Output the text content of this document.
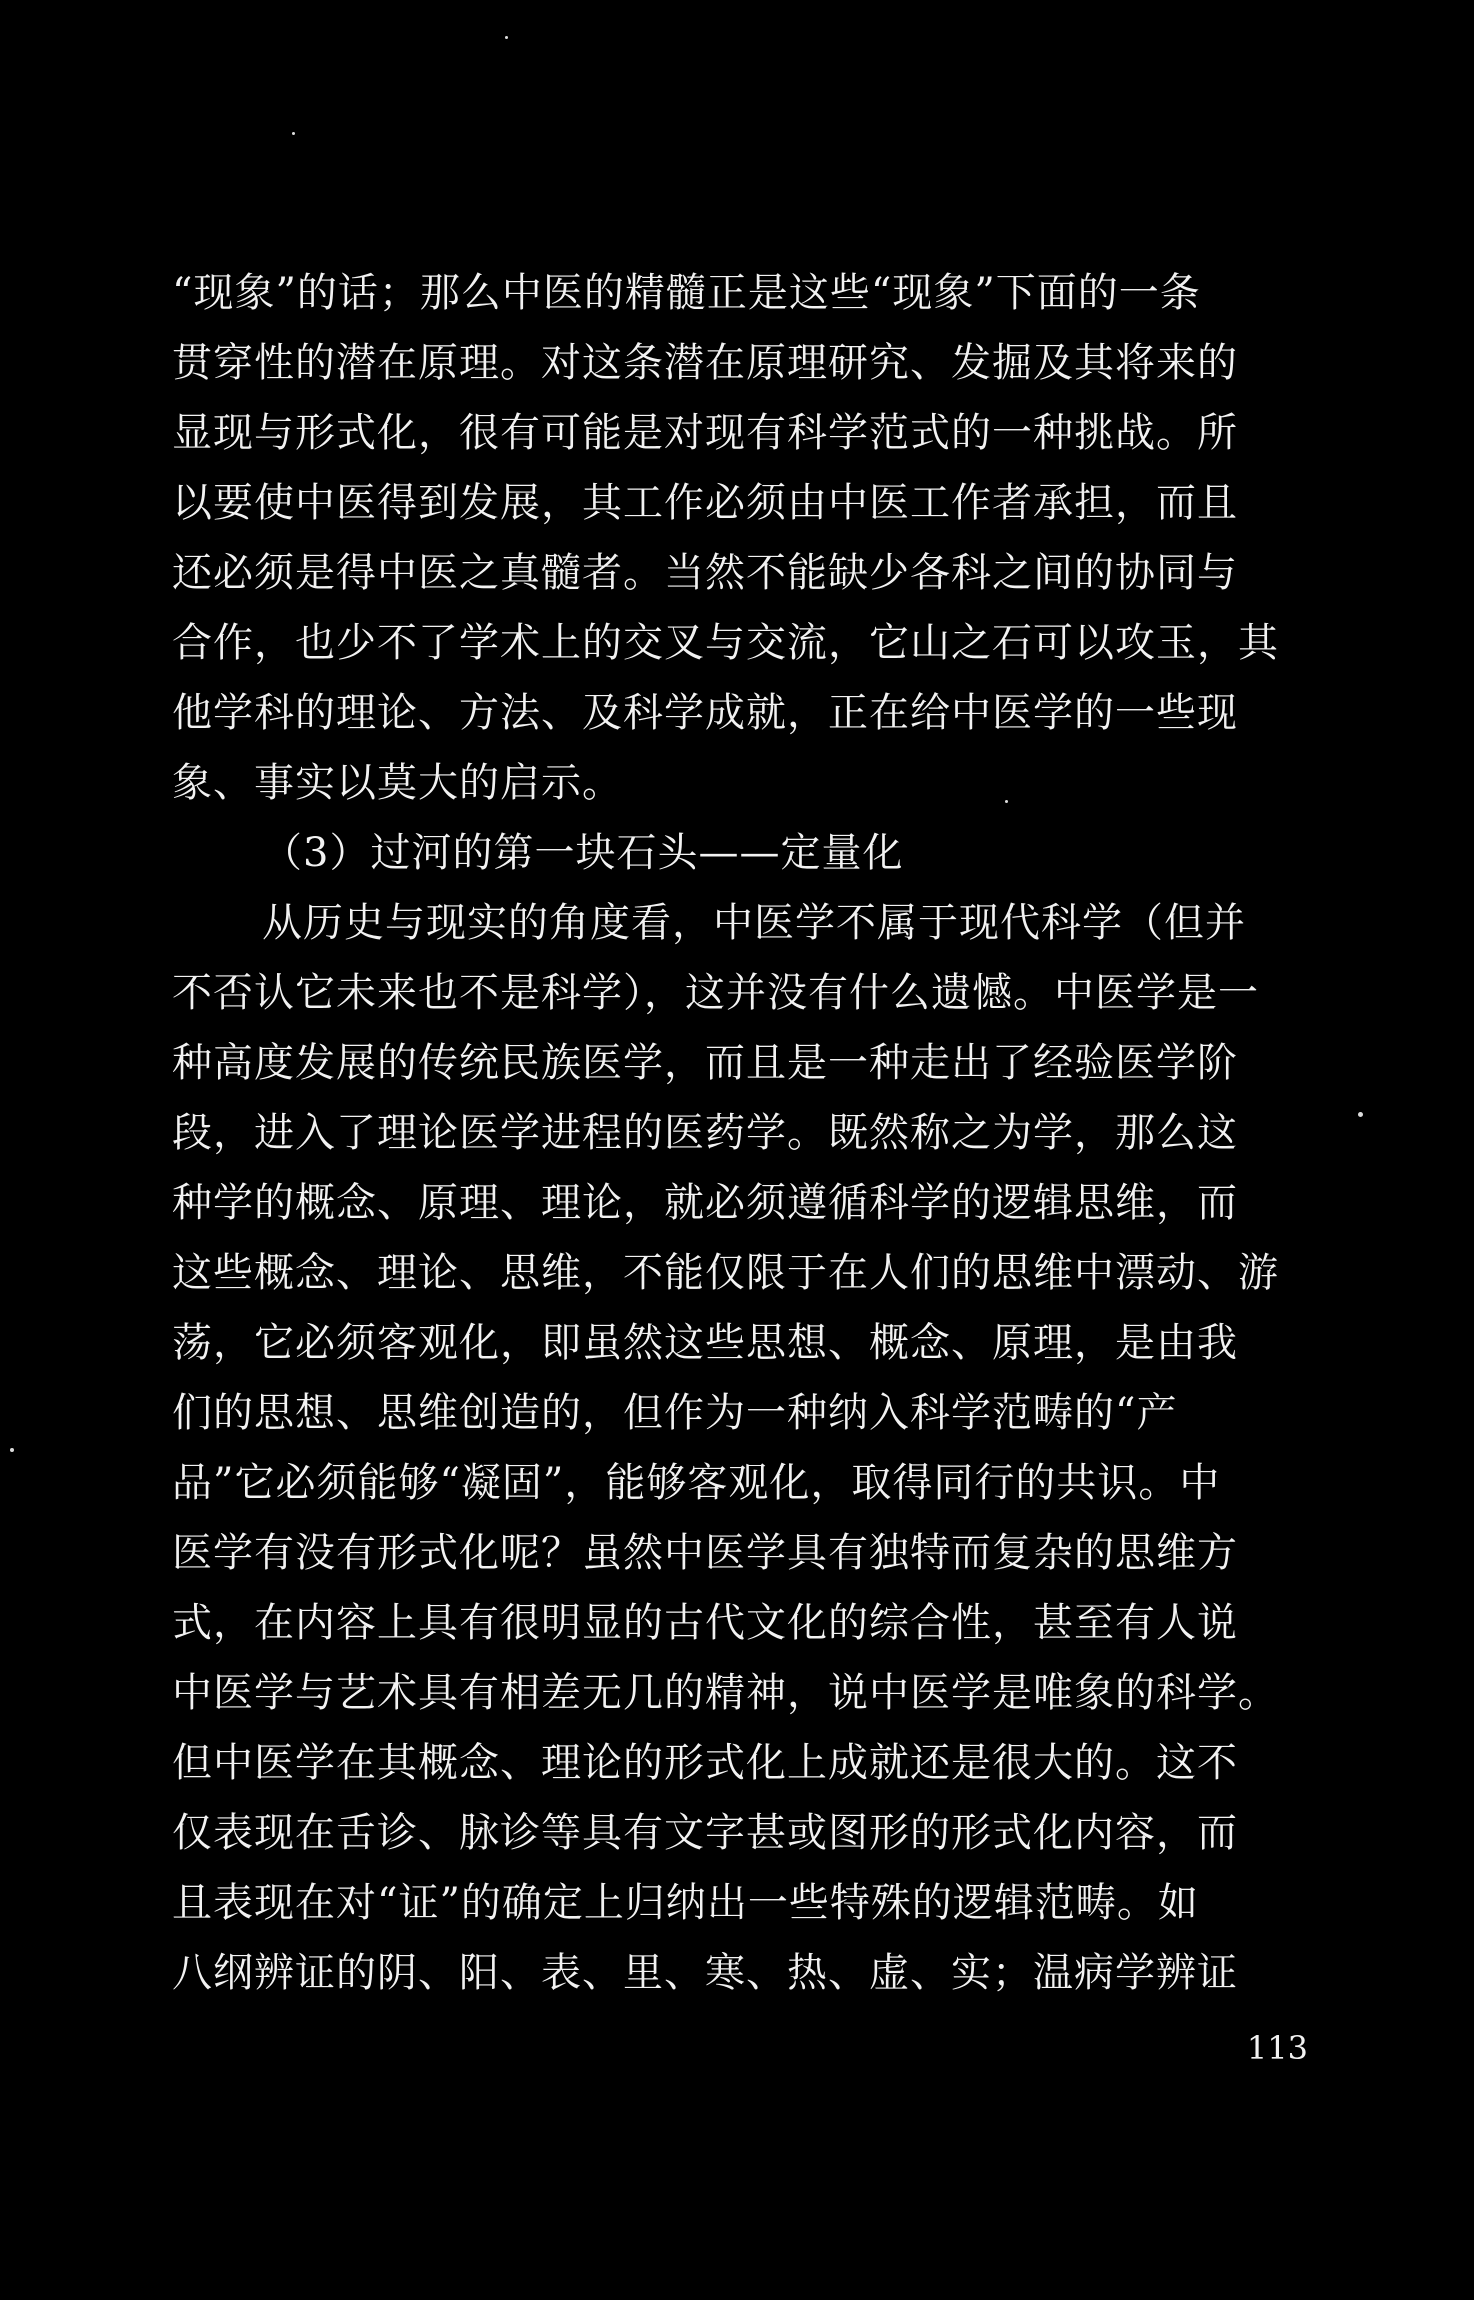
“现象”的话；那么中医的精髓正是这些“现象”下面的一条
贯穿性的潜在原理。对这条潜在原理研究、发掘及其将来的
显现与形式化，很有可能是对现有科学范式的一种挑战。所
以要使中医得到发展，其工作必须由中医工作者承担，而且
还必须是得中医之真髓者。当然不能缺少各科之间的协同与
合作，也少不了学术上的交叉与交流，它山之石可以攻玉，其
他学科的理论、方法、及科学成就，正在给中医学的一些现
象、事实以莫大的启示。
（3）过河的第一块石头——定量化
从历史与现实的角度看，中医学不属于现代科学（但并
不否认它未来也不是科学），这并没有什么遗憾。中医学是一
种高度发展的传统民族医学，而且是一种走出了经验医学阶
段，进入了理论医学进程的医药学。既然称之为学，那么这
种学的概念、原理、理论，就必须遵循科学的逻辑思维，而
这些概念、理论、思维，不能仅限于在人们的思维中漂动、游
荡，它必须客观化，即虽然这些思想、概念、原理，是由我
们的思想、思维创造的，但作为一种纳入科学范畴的“产
品”它必须能够“凝固”，能够客观化，取得同行的共识。中
医学有没有形式化呢？虽然中医学具有独特而复杂的思维方
式，在内容上具有很明显的古代文化的综合性，甚至有人说
中医学与艺术具有相差无几的精神，说中医学是唯象的科学。
但中医学在其概念、理论的形式化上成就还是很大的。这不
仅表现在舌诊、脉诊等具有文字甚或图形的形式化内容，而
且表现在对“证”的确定上归纳出一些特殊的逻辑范畴。如
八纲辨证的阴、阳、表、里、寒、热、虚、实；温病学辨证
113
